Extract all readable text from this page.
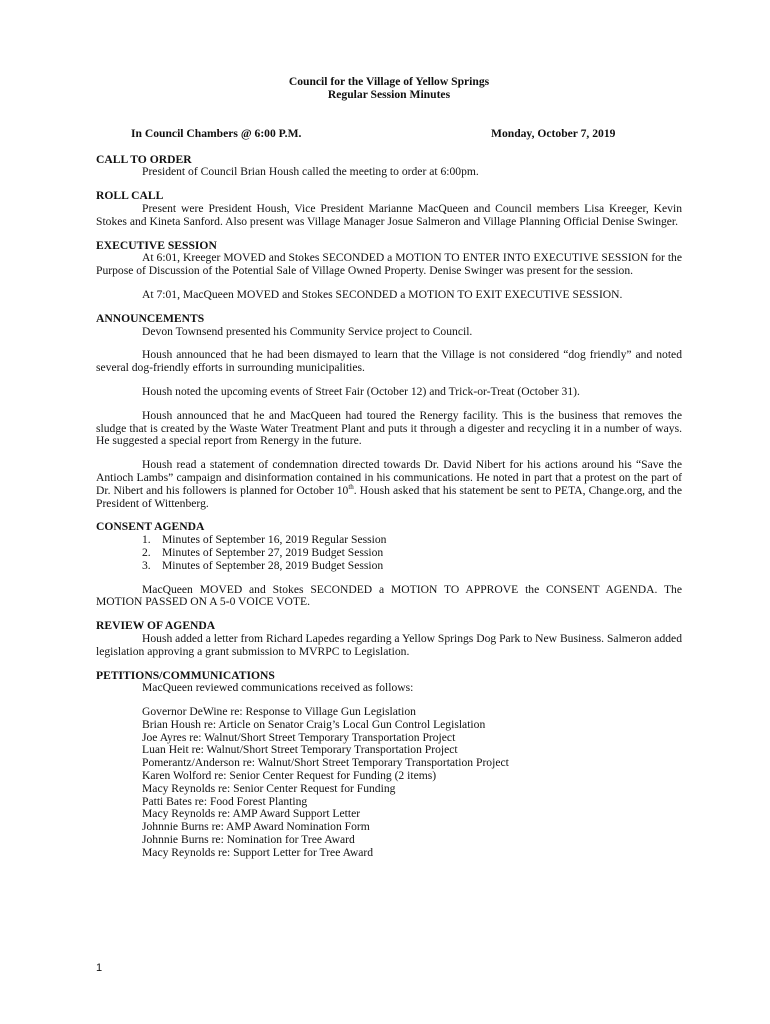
Council for the Village of Yellow Springs
Regular Session Minutes
In Council Chambers @ 6:00 P.M.	Monday, October 7, 2019
CALL TO ORDER
President of Council Brian Housh called the meeting to order at 6:00pm.
ROLL CALL
Present were President Housh, Vice President Marianne MacQueen and Council members Lisa Kreeger, Kevin Stokes and Kineta Sanford. Also present was Village Manager Josue Salmeron and Village Planning Official Denise Swinger.
EXECUTIVE SESSION
At 6:01, Kreeger MOVED and Stokes SECONDED a MOTION TO ENTER INTO EXECUTIVE SESSION for the Purpose of Discussion of the Potential Sale of Village Owned Property. Denise Swinger was present for the session.
At 7:01, MacQueen MOVED and Stokes SECONDED a MOTION TO EXIT EXECUTIVE SESSION.
ANNOUNCEMENTS
Devon Townsend presented his Community Service project to Council.
Housh announced that he had been dismayed to learn that the Village is not considered “dog friendly” and noted several dog-friendly efforts in surrounding municipalities.
Housh noted the upcoming events of Street Fair (October 12) and Trick-or-Treat (October 31).
Housh announced that he and MacQueen had toured the Renergy facility. This is the business that removes the sludge that is created by the Waste Water Treatment Plant and puts it through a digester and recycling it in a number of ways. He suggested a special report from Renergy in the future.
Housh read a statement of condemnation directed towards Dr. David Nibert for his actions around his “Save the Antioch Lambs” campaign and disinformation contained in his communications. He noted in part that a protest on the part of Dr. Nibert and his followers is planned for October 10th. Housh asked that his statement be sent to PETA, Change.org, and the President of Wittenberg.
CONSENT AGENDA
1. Minutes of September 16, 2019 Regular Session
2. Minutes of September 27, 2019 Budget Session
3. Minutes of September 28, 2019 Budget Session
MacQueen MOVED and Stokes SECONDED a MOTION TO APPROVE the CONSENT AGENDA. The MOTION PASSED ON A 5-0 VOICE VOTE.
REVIEW OF AGENDA
Housh added a letter from Richard Lapedes regarding a Yellow Springs Dog Park to New Business. Salmeron added legislation approving a grant submission to MVRPC to Legislation.
PETITIONS/COMMUNICATIONS
MacQueen reviewed communications received as follows:
Governor DeWine re: Response to Village Gun Legislation
Brian Housh re: Article on Senator Craig’s Local Gun Control Legislation
Joe Ayres re: Walnut/Short Street Temporary Transportation Project
Luan Heit re: Walnut/Short Street Temporary Transportation Project
Pomerantz/Anderson re: Walnut/Short Street Temporary Transportation Project
Karen Wolford re: Senior Center Request for Funding (2 items)
Macy Reynolds re: Senior Center Request for Funding
Patti Bates re: Food Forest Planting
Macy Reynolds re: AMP Award Support Letter
Johnnie Burns re: AMP Award Nomination Form
Johnnie Burns re: Nomination for Tree Award
Macy Reynolds re: Support Letter for Tree Award
1
